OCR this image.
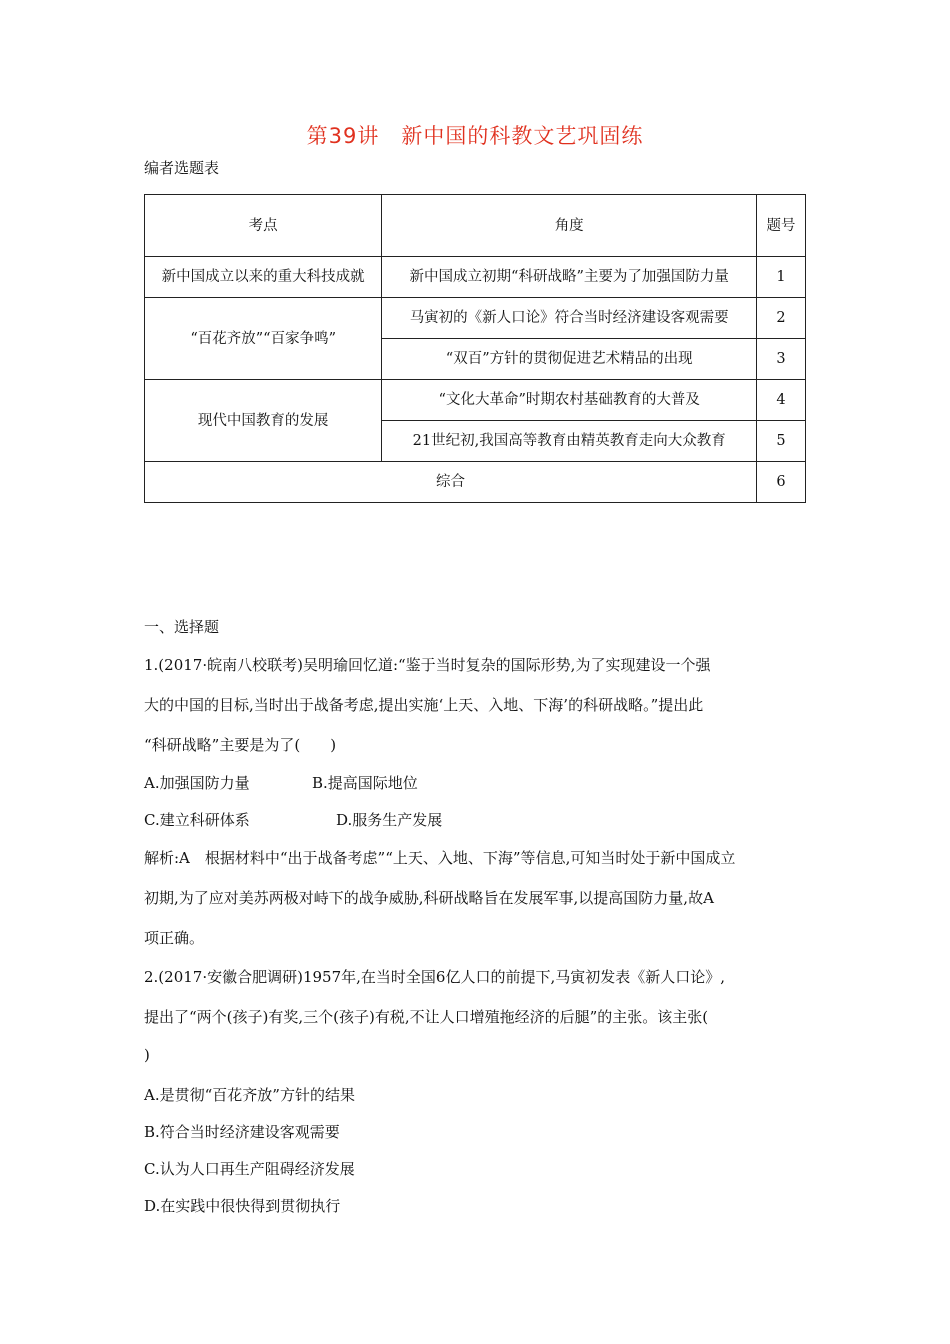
第39讲　新中国的科教文艺巩固练
编者选题表
考点	角度	题号
新中国成立以来的重大科技成就	新中国成立初期“科研战略”主要为了加强国防力量	1
“百花齐放”“百家争鸣”	马寅初的《新人口论》符合当时经济建设客观需要	2
	“双百”方针的贯彻促进艺术精品的出现	3
现代中国教育的发展	“文化大革命”时期农村基础教育的大普及	4
	21世纪初,我国高等教育由精英教育走向大众教育	5
综合		6
一、选择题
1.(2017·皖南八校联考)吴明瑜回忆道:“鉴于当时复杂的国际形势,为了实现建设一个强
大的中国的目标,当时出于战备考虑,提出实施‘上天、入地、下海’的科研战略。”提出此
“科研战略”主要是为了(　　)
A.加强国防力量	B.提高国际地位
C.建立科研体系	D.服务生产发展
解析:A　根据材料中“出于战备考虑”“上天、入地、下海”等信息,可知当时处于新中国成立
初期,为了应对美苏两极对峙下的战争威胁,科研战略旨在发展军事,以提高国防力量,故A
项正确。
2.(2017·安徽合肥调研)1957年,在当时全国6亿人口的前提下,马寅初发表《新人口论》,
提出了“两个(孩子)有奖,三个(孩子)有税,不让人口增殖拖经济的后腿”的主张。该主张(
)
A.是贯彻“百花齐放”方针的结果
B.符合当时经济建设客观需要
C.认为人口再生产阻碍经济发展
D.在实践中很快得到贯彻执行
